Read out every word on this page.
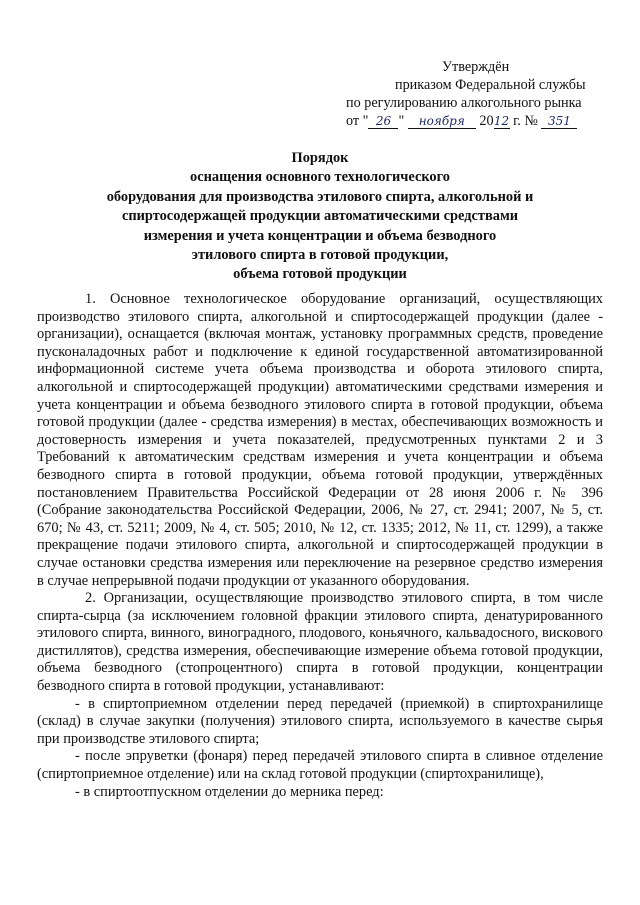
Утверждён
приказом Федеральной службы
по регулированию алкогольного рынка
от " 26 " ноября 2012 г. № 351
Порядок
оснащения основного технологического
оборудования для производства этилового спирта, алкогольной и
спиртосодержащей продукции автоматическими средствами
измерения и учета концентрации и объема безводного
этилового спирта в готовой продукции,
объема готовой продукции

1. Основное технологическое оборудование организаций, осуществляющих производство этилового спирта, алкогольной и спиртосодержащей продукции (далее - организации), оснащается (включая монтаж, установку программных средств, проведение пусконаладочных работ и подключение к единой государственной автоматизированной информационной системе учета объема производства и оборота этилового спирта, алкогольной и спиртосодержащей продукции) автоматическими средствами измерения и учета концентрации и объема безводного этилового спирта в готовой продукции, объема готовой продукции (далее - средства измерения) в местах, обеспечивающих возможность и достоверность измерения и учета показателей, предусмотренных пунктами 2 и 3 Требований к автоматическим средствам измерения и учета концентрации и объема безводного спирта в готовой продукции, объема готовой продукции, утверждённых постановлением Правительства Российской Федерации от 28 июня 2006 г. № 396 (Собрание законодательства Российской Федерации, 2006, № 27, ст. 2941; 2007, № 5, ст. 670; № 43, ст. 5211; 2009, № 4, ст. 505; 2010, № 12, ст. 1335; 2012, № 11, ст. 1299), а также прекращение подачи этилового спирта, алкогольной и спиртосодержащей продукции в случае остановки средства измерения или переключение на резервное средство измерения в случае непрерывной подачи продукции от указанного оборудования.

2. Организации, осуществляющие производство этилового спирта, в том числе спирта-сырца (за исключением головной фракции этилового спирта, денатурированного этилового спирта, винного, виноградного, плодового, коньячного, кальвадосного, вискового дистиллятов), средства измерения, обеспечивающие измерение объема готовой продукции, объема безводного (стопроцентного) спирта в готовой продукции, концентрации безводного спирта в готовой продукции, устанавливают:

- в спиртоприемном отделении перед передачей (приемкой) в спиртохранилище (склад) в случае закупки (получения) этилового спирта, используемого в качестве сырья при производстве этилового спирта;

- после эпруветки (фонаря) перед передачей этилового спирта в сливное отделение (спиртоприемное отделение) или на склад готовой продукции (спиртохранилище),

- в спиртоотпускном отделении до мерника перед:
